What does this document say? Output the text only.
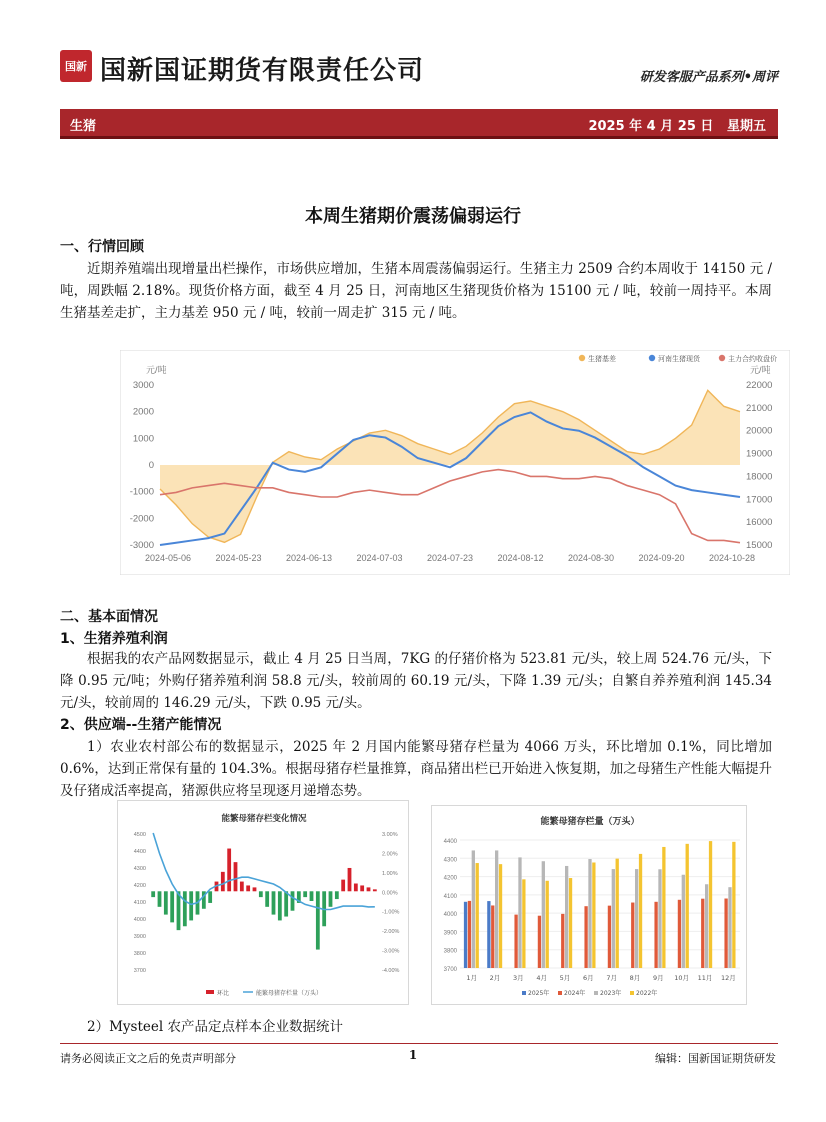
国新 国新国证期货有限责任公司	研发客服产品系列•周评
生猪	2025 年 4 月 25 日 星期五
本周生猪期价震荡偏弱运行
一、行情回顾
近期养殖端出现增量出栏操作，市场供应增加，生猪本周震荡偏弱运行。生猪主力 2509 合约本周收于 14150 元 / 吨，周跌幅 2.18%。现货价格方面，截至 4 月 25 日，河南地区生猪现货价格为 15100 元 / 吨，较前一周持平。本周生猪基差走扩，主力基差 950 元 / 吨，较前一周走扩 315 元 / 吨。
元/吨	元/吨
生猪基差	河南生猪现货	主力合约收盘价
3000
2000
1000
0
-1000
-2000
-3000
22000
21000
20000
19000
18000
17000
16000
15000
2024-05-06	2024-05-23	2024-06-13	2024-07-03	2024-07-23	2024-08-12	2024-08-30	2024-09-20	2024-10-28
二、基本面情况
1、生猪养殖利润
根据我的农产品网数据显示，截止 4 月 25 日当周，7KG 的仔猪价格为 523.81 元/头，较上周 524.76 元/头，下降 0.95 元/吨；外购仔猪养殖利润 58.8 元/头，较前周的 60.19 元/头，下降 1.39 元/头；自繁自养养殖利润 145.34 元/头，较前周的 146.29 元/头，下跌 0.95 元/头。
2、供应端--生猪产能情况
1）农业农村部公布的数据显示，2025 年 2 月国内能繁母猪存栏量为 4066 万头，环比增加 0.1%，同比增加 0.6%，达到正常保有量的 104.3%。根据母猪存栏量推算，商品猪出栏已开始进入恢复期，加之母猪生产性能大幅提升及仔猪成活率提高，猪源供应将呈现逐月递增态势。
能繁母猪存栏变化情况
4500
4400
4300
4200
4100
4000
3900
3800
3700
3.00%
2.00%
1.00%
0.00%
-1.00%
-2.00%
-3.00%
-4.00%
环比	能繁母猪存栏量（万头）
能繁母猪存栏量（万头）
4400
4300
4200
4100
4000
3900
3800
3700
1月 2月 3月 4月 5月 6月 7月 8月 9月 10月 11月 12月
2025年 2024年 2023年 2022年
2）Mysteel 农产品定点样本企业数据统计
请务必阅读正文之后的免责声明部分	1	编辑：国新国证期货研发
